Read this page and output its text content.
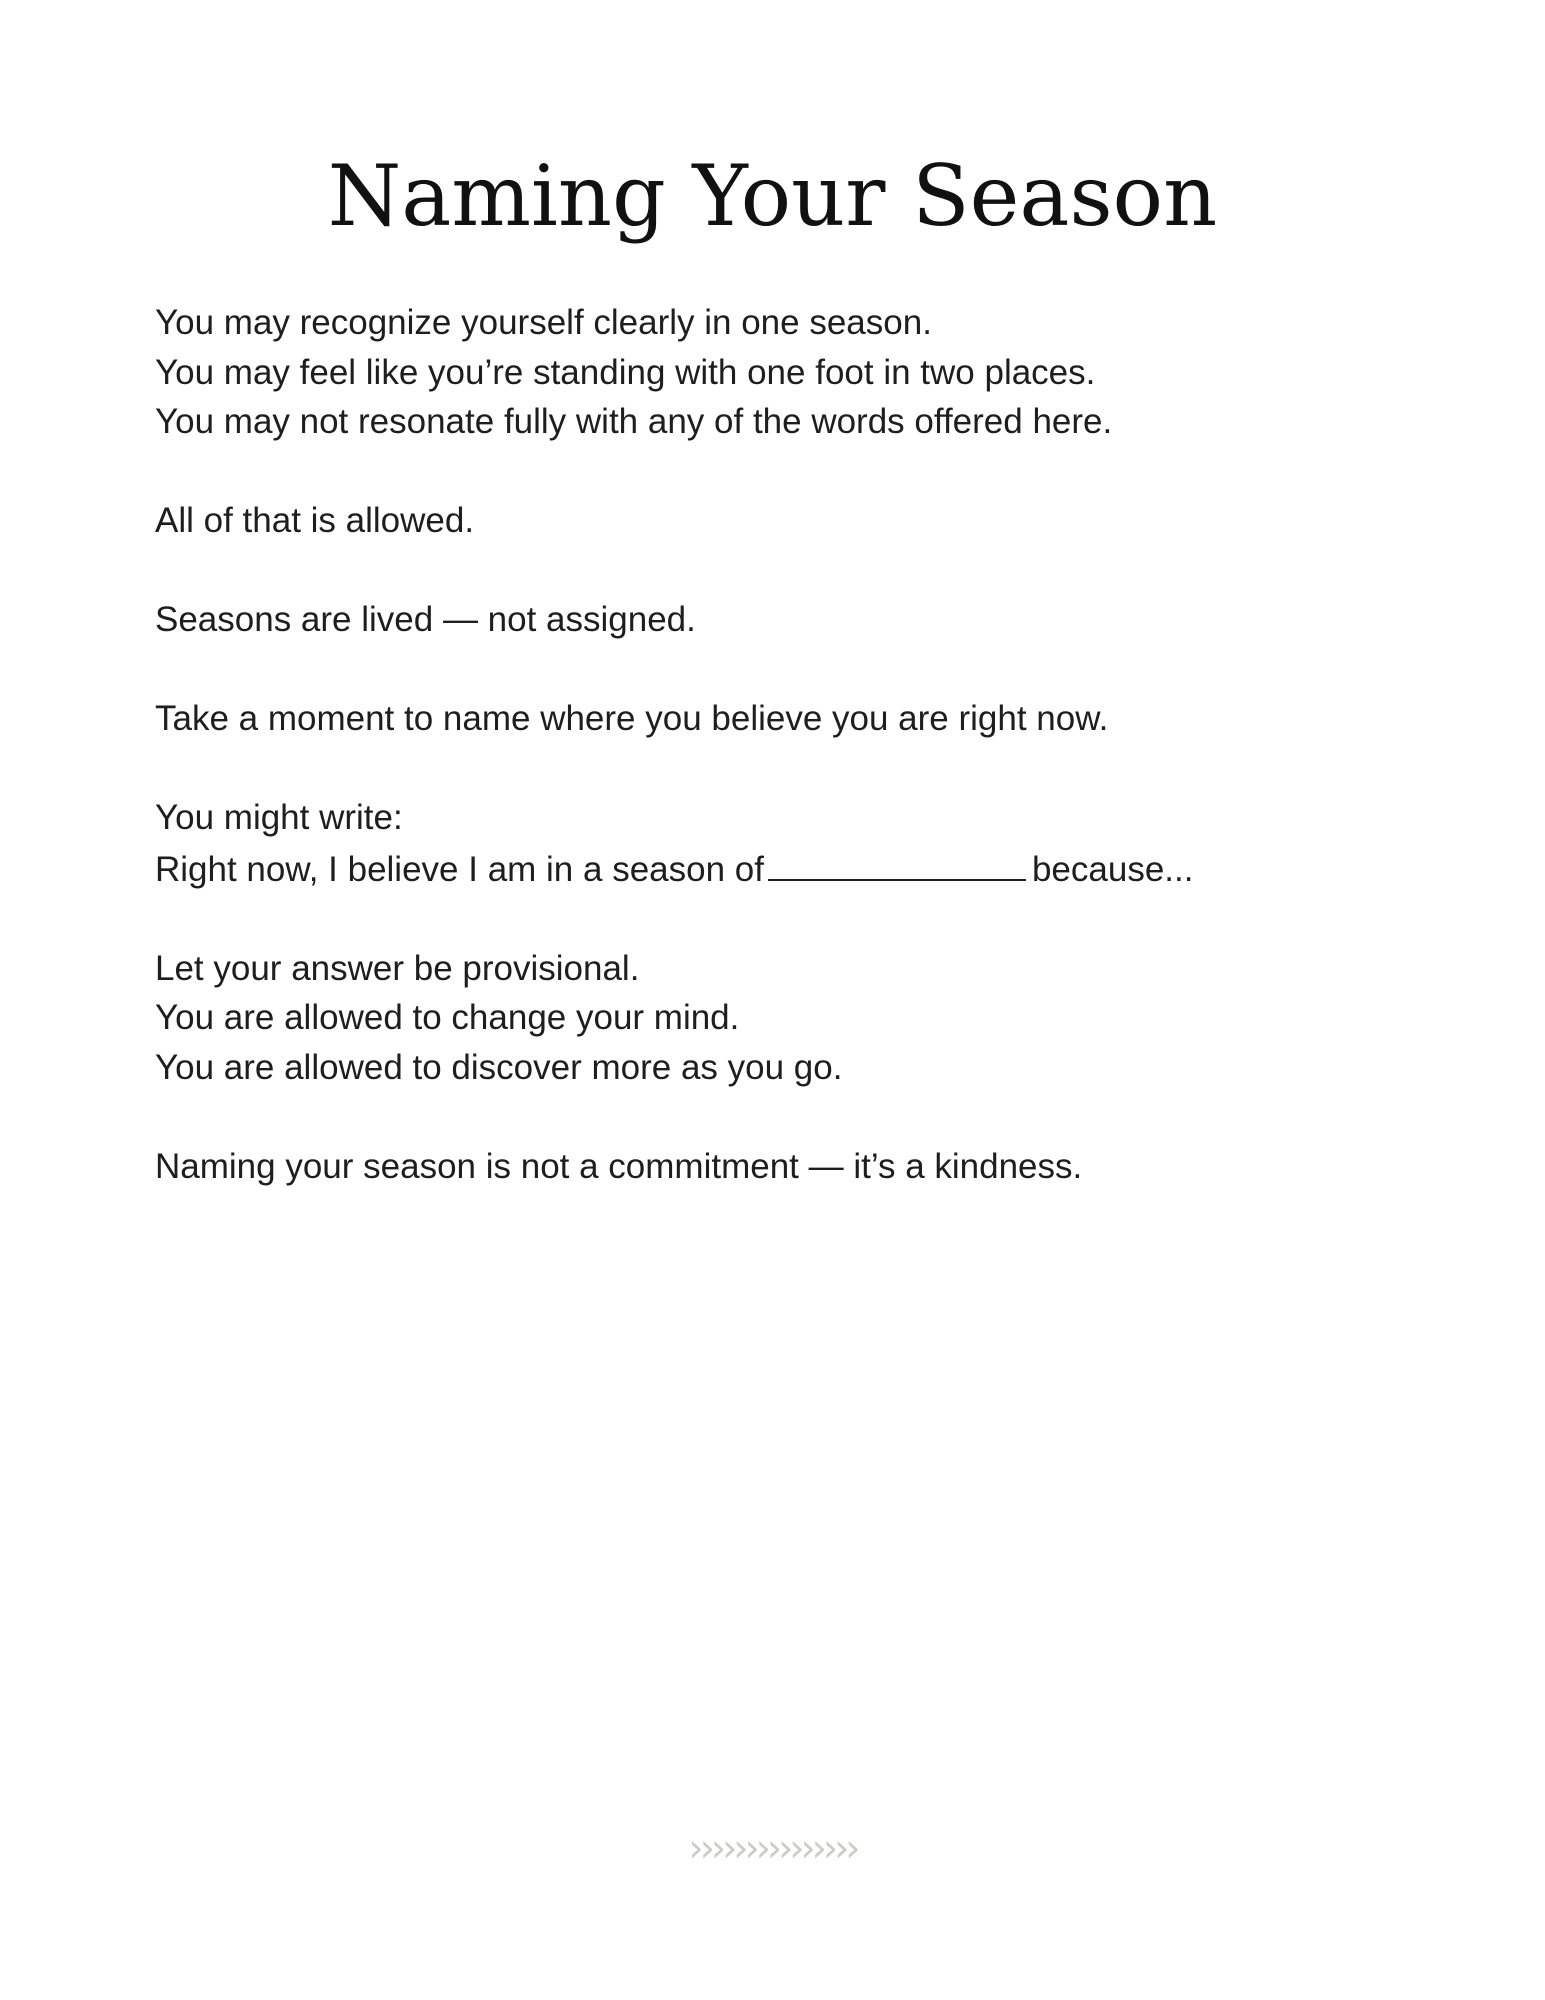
Naming Your Season

You may recognize yourself clearly in one season.
You may feel like you’re standing with one foot in two places.
You may not resonate fully with any of the words offered here.

All of that is allowed.

Seasons are lived — not assigned.

Take a moment to name where you believe you are right now.

You might write:
Right now, I believe I am in a season of	because...

Let your answer be provisional.
You are allowed to change your mind.
You are allowed to discover more as you go.

Naming your season is not a commitment — it’s a kindness.

›››››››››››››››
